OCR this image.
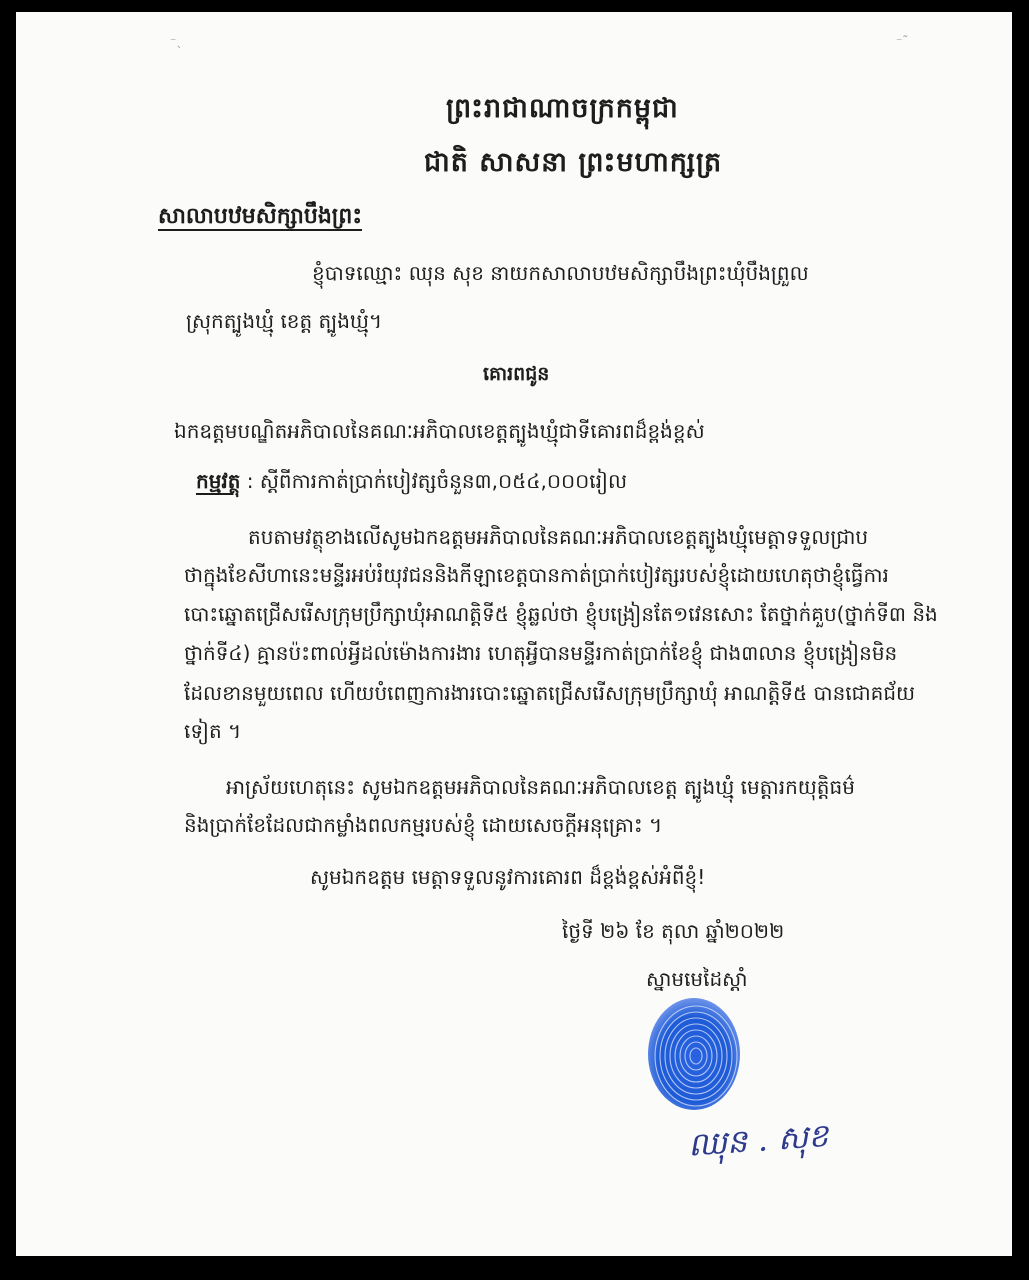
⁻ˎ	⁻˜
ព្រះរាជាណាចក្រកម្ពុជា
ជាតិ សាសនា ព្រះមហាក្សត្រ
សាលាបឋមសិក្សាបឹងព្រះ
ខ្ញុំបាទឈ្មោះ ឈុន សុខ នាយកសាលាបឋមសិក្សាបឹងព្រះឃុំបឹងព្រួល
ស្រុកត្បូងឃ្មុំ ខេត្ត ត្បូងឃ្មុំ។
គោរពជូន
ឯកឧត្តមបណ្ឌិតអភិបាលនៃគណៈអភិបាលខេត្តត្បូងឃ្មុំជាទីគោរពដ៏ខ្ពង់ខ្ពស់
កម្មវត្ថុ : ស្តីពីការកាត់ប្រាក់បៀវត្សចំនួន៣,០៥៤,០០០រៀល
តបតាមវត្ថុខាងលើសូមឯកឧត្តមអភិបាលនៃគណៈអភិបាលខេត្តត្បូងឃ្មុំមេត្តាទទួលជ្រាប
ថាក្នុងខែសីហានេះមន្ទីរអប់រំយុវជននិងកីឡាខេត្តបានកាត់ប្រាក់បៀវត្សរបស់ខ្ញុំដោយហេតុថាខ្ញុំធ្វើការ
បោះឆ្នោតជ្រើសរើសក្រុមប្រឹក្សាឃុំអាណត្តិទី៥ ខ្ញុំឆ្លល់ថា ខ្ញុំបង្រៀនតែ១វេនសោះ តែថ្នាក់គួប(ថ្នាក់ទី៣ និង
ថ្នាក់ទី៤) គ្មានប៉ះពាល់អ្វីដល់ម៉ោងការងារ ហេតុអ្វីបានមន្ទីរកាត់ប្រាក់ខែខ្ញុំ ជាង៣លាន ខ្ញុំបង្រៀនមិន
ដែលខានមួយពេល ហើយបំពេញការងារបោះឆ្នោតជ្រើសរើសក្រុមប្រឹក្សាឃុំ អាណត្តិទី៥ បានជោគជ័យ
ទៀត ។
អាស្រ័យហេតុនេះ សូមឯកឧត្តមអភិបាលនៃគណៈអភិបាលខេត្ត ត្បូងឃ្មុំ មេត្តារកយុត្តិធម៌
និងប្រាក់ខែដែលជាកម្លាំងពលកម្មរបស់ខ្ញុំ ដោយសេចក្តីអនុគ្រោះ ។
សូមឯកឧត្តម មេត្តាទទួលនូវការគោរព ដ៏ខ្ពង់ខ្ពស់អំពីខ្ញុំ!
ថ្ងៃទី ២៦ ខែ តុលា ឆ្នាំ២០២២
ស្នាមមេដៃស្តាំ
ឈុន . សុខ
